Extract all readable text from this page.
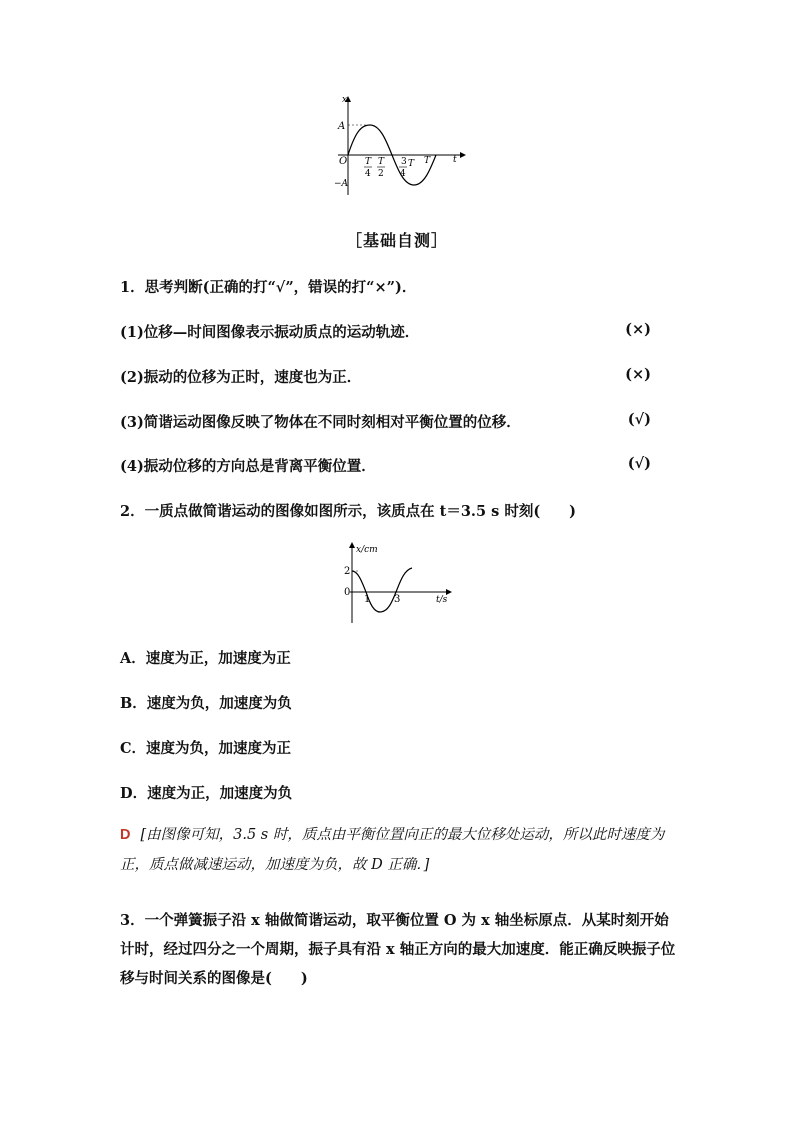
x
A
−A
O	t
T
4
T
2
3
4
T T
［基础自测］
1．思考判断(正确的打“√”，错误的打“×”)．
(1)位移—时间图像表示振动质点的运动轨迹．	(×)
(2)振动的位移为正时，速度也为正．	(×)
(3)简谐运动图像反映了物体在不同时刻相对平衡位置的位移．	(√)
(4)振动位移的方向总是背离平衡位置．	(√)
2．一质点做简谐运动的图像如图所示，该质点在 t＝3.5 s 时刻(　　)
x/cm
2
0
1 3	t/s
A．速度为正，加速度为正
B．速度为负，加速度为负
C．速度为负，加速度为正
D．速度为正，加速度为负
D [由图像可知，3.5 s 时，质点由平衡位置向正的最大位移处运动，所以此时速度为正，质点做减速运动，加速度为负，故 D 正确．]
3．一个弹簧振子沿 x 轴做简谐运动，取平衡位置 O 为 x 轴坐标原点．从某时刻开始计时，经过四分之一个周期，振子具有沿 x 轴正方向的最大加速度．能正确反映振子位移与时间关系的图像是(　　)
